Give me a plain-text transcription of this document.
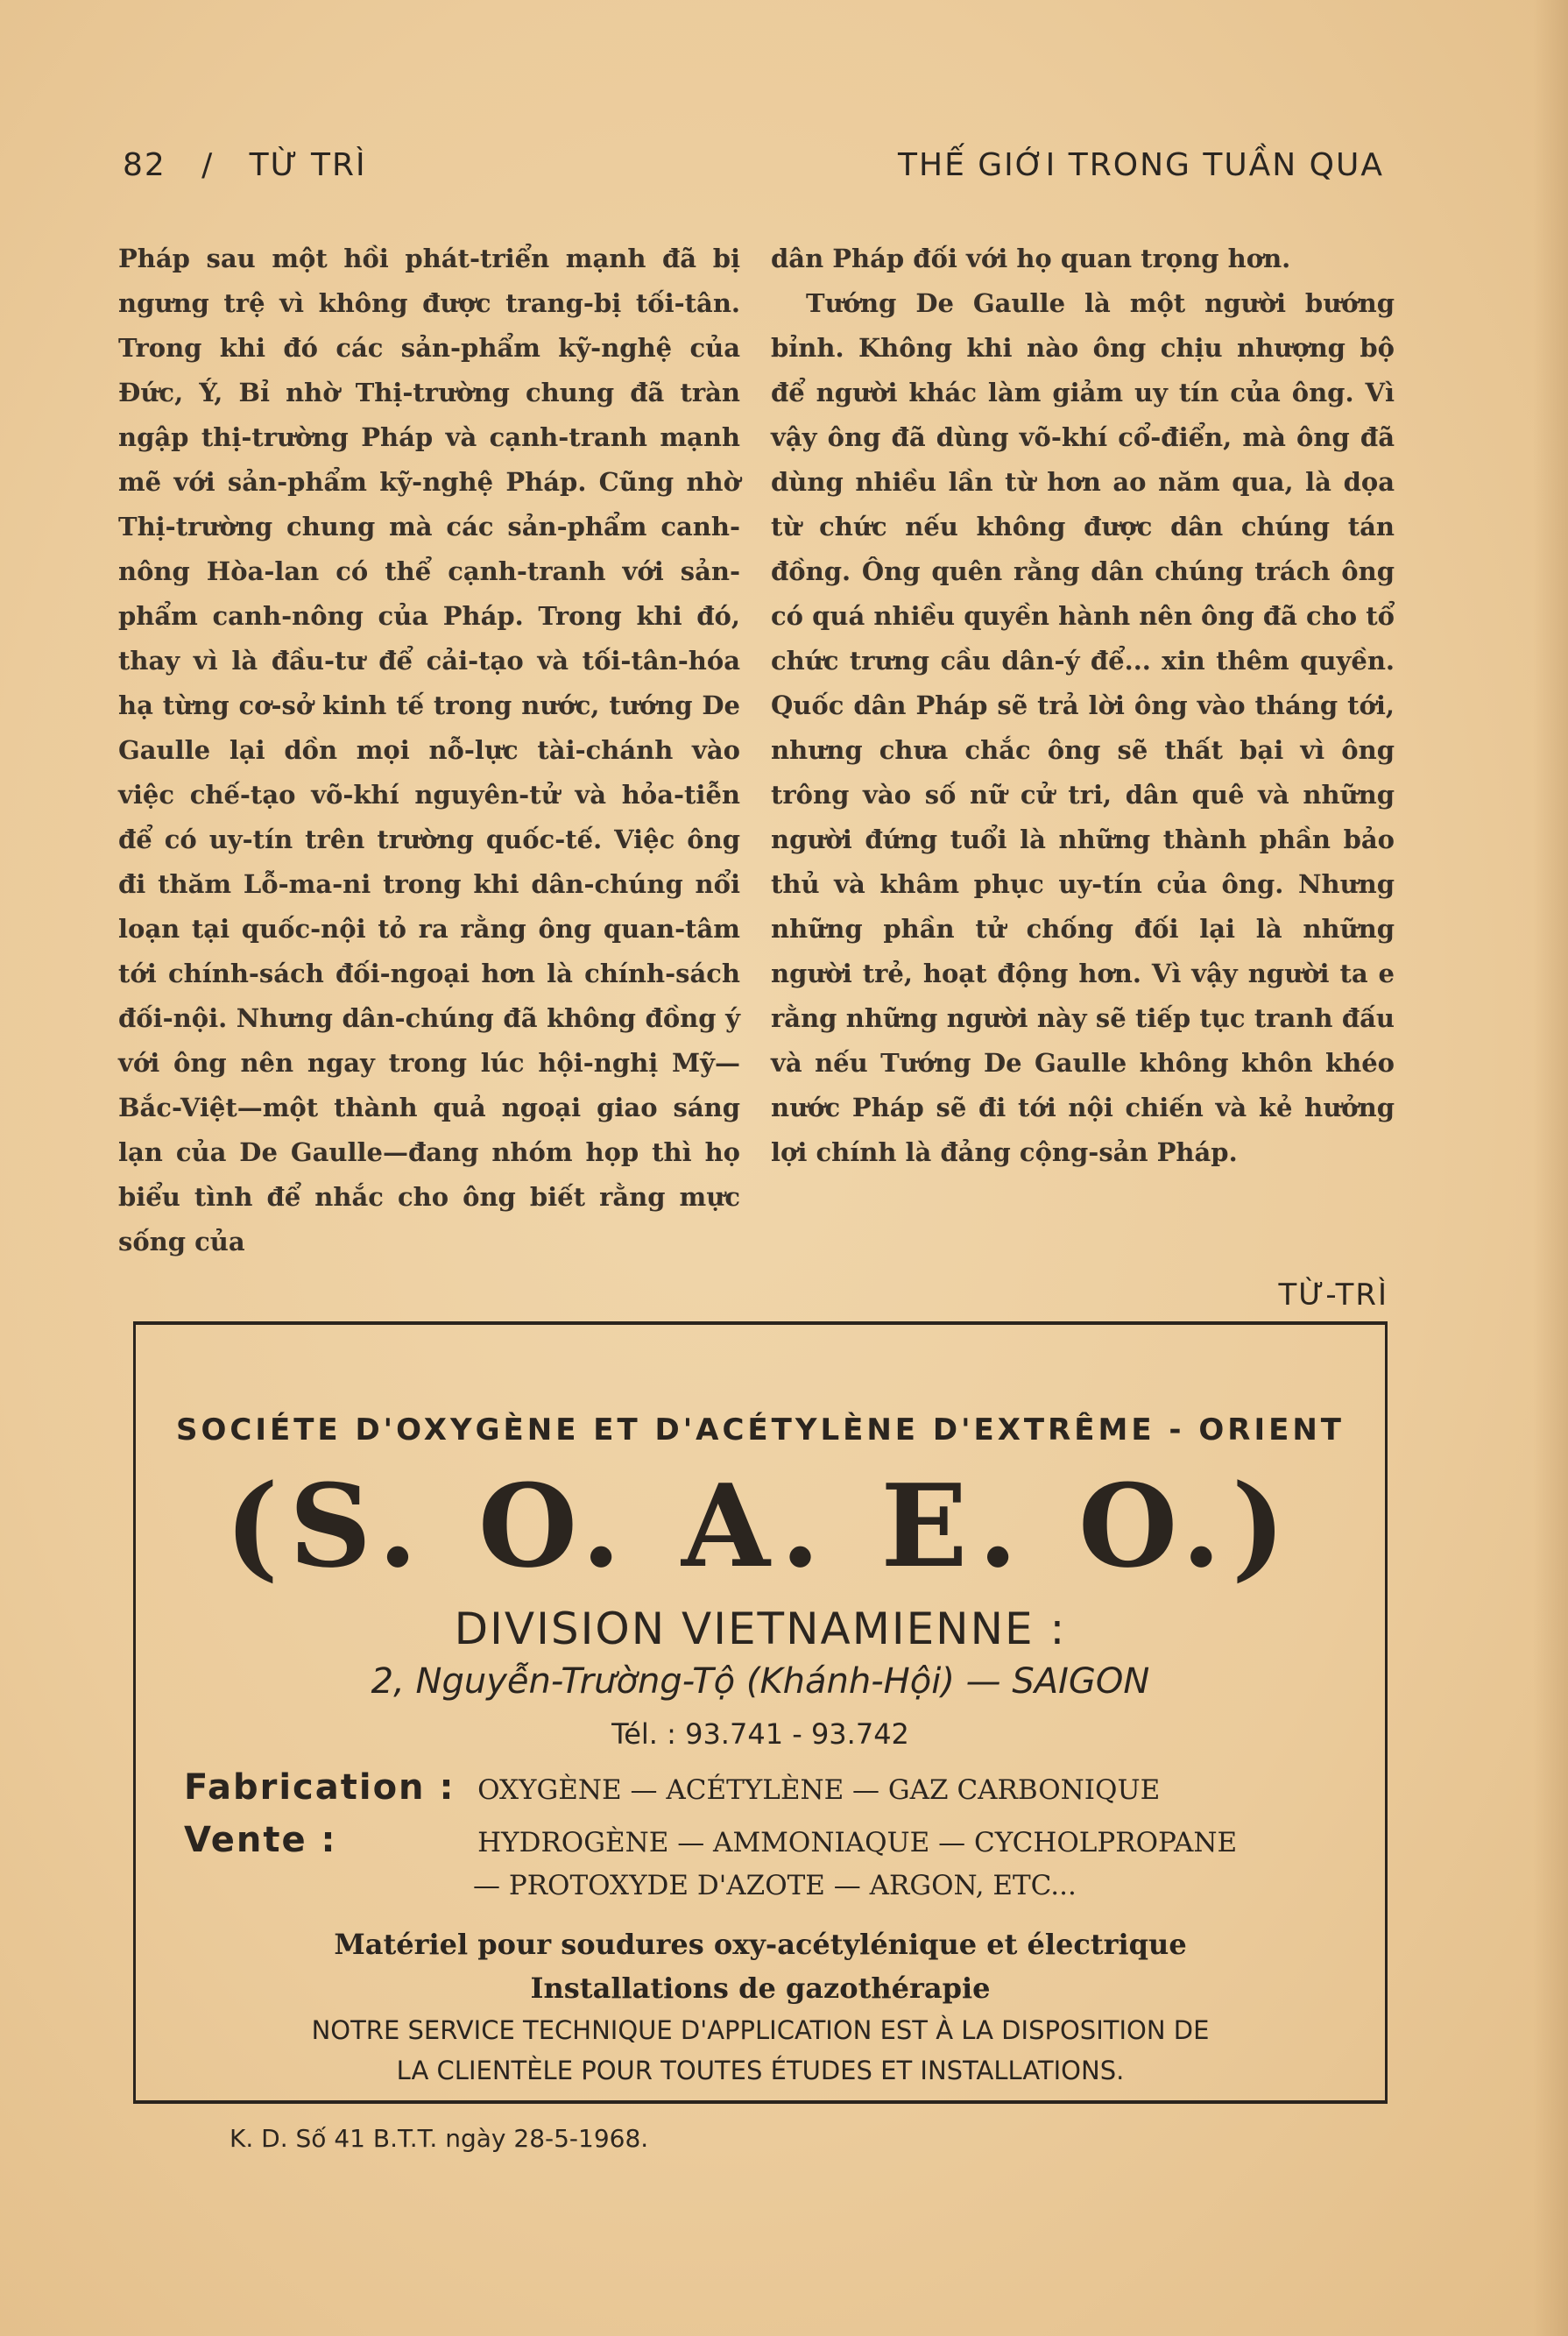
82 / TỪ TRÌ	THẾ GIỚI TRONG TUẦN QUA

Pháp sau một hồi phát-triển mạnh đã bị ngưng trệ vì không được trang-bị tối-tân. Trong khi đó các sản-phẩm kỹ-nghệ của Đức, Ý, Bỉ nhờ Thị-trường chung đã tràn ngập thị-trường Pháp và cạnh-tranh mạnh mẽ với sản-phẩm kỹ-nghệ Pháp. Cũng nhờ Thị-trường chung mà các sản-phẩm canh-nông Hòa-lan có thể cạnh-tranh với sản-phẩm canh-nông của Pháp. Trong khi đó, thay vì là đầu-tư để cải-tạo và tối-tân-hóa hạ từng cơ-sở kinh tế trong nước, tướng De Gaulle lại dồn mọi nỗ-lực tài-chánh vào việc chế-tạo võ-khí nguyên-tử và hỏa-tiễn để có uy-tín trên trường quốc-tế. Việc ông đi thăm Lỗ-ma-ni trong khi dân-chúng nổi loạn tại quốc-nội tỏ ra rằng ông quan-tâm tới chính-sách đối-ngoại hơn là chính-sách đối-nội. Nhưng dân-chúng đã không đồng ý với ông nên ngay trong lúc hội-nghị Mỹ—Bắc-Việt—một thành quả ngoại giao sáng lạn của De Gaulle—đang nhóm họp thì họ biểu tình để nhắc cho ông biết rằng mực sống của

dân Pháp đối với họ quan trọng hơn.

Tướng De Gaulle là một người bướng bỉnh. Không khi nào ông chịu nhượng bộ để người khác làm giảm uy tín của ông. Vì vậy ông đã dùng võ-khí cổ-điển, mà ông đã dùng nhiều lần từ hơn ao năm qua, là dọa từ chức nếu không được dân chúng tán đồng. Ông quên rằng dân chúng trách ông có quá nhiều quyền hành nên ông đã cho tổ chức trưng cầu dân-ý để... xin thêm quyền. Quốc dân Pháp sẽ trả lời ông vào tháng tới, nhưng chưa chắc ông sẽ thất bại vì ông trông vào số nữ cử tri, dân quê và những người đứng tuổi là những thành phần bảo thủ và khâm phục uy-tín của ông. Nhưng những phần tử chống đối lại là những người trẻ, hoạt động hơn. Vì vậy người ta e rằng những người này sẽ tiếp tục tranh đấu và nếu Tướng De Gaulle không khôn khéo nước Pháp sẽ đi tới nội chiến và kẻ hưởng lợi chính là đảng cộng-sản Pháp.

TỪ-TRÌ
SOCIÉTE D'OXYGÈNE ET D'ACÉTYLÈNE D'EXTRÊME - ORIENT
(S. O. A. E. O.)
DIVISION VIETNAMIENNE :
2, Nguyễn-Trường-Tộ (Khánh-Hội) — SAIGON
Tél. : 93.741 - 93.742
Fabrication : OXYGÈNE — ACÉTYLÈNE — GAZ CARBONIQUE
Vente :	HYDROGÈNE — AMMONIAQUE — CYCHOLPROPANE
— PROTOXYDE D'AZOTE — ARGON, ETC...
Matériel pour soudures oxy-acétylénique et électrique
Installations de gazothérapie
NOTRE SERVICE TECHNIQUE D'APPLICATION EST À LA DISPOSITION DE
LA CLIENTÈLE POUR TOUTES ÉTUDES ET INSTALLATIONS.
K. D. Số 41 B.T.T. ngày 28-5-1968.
